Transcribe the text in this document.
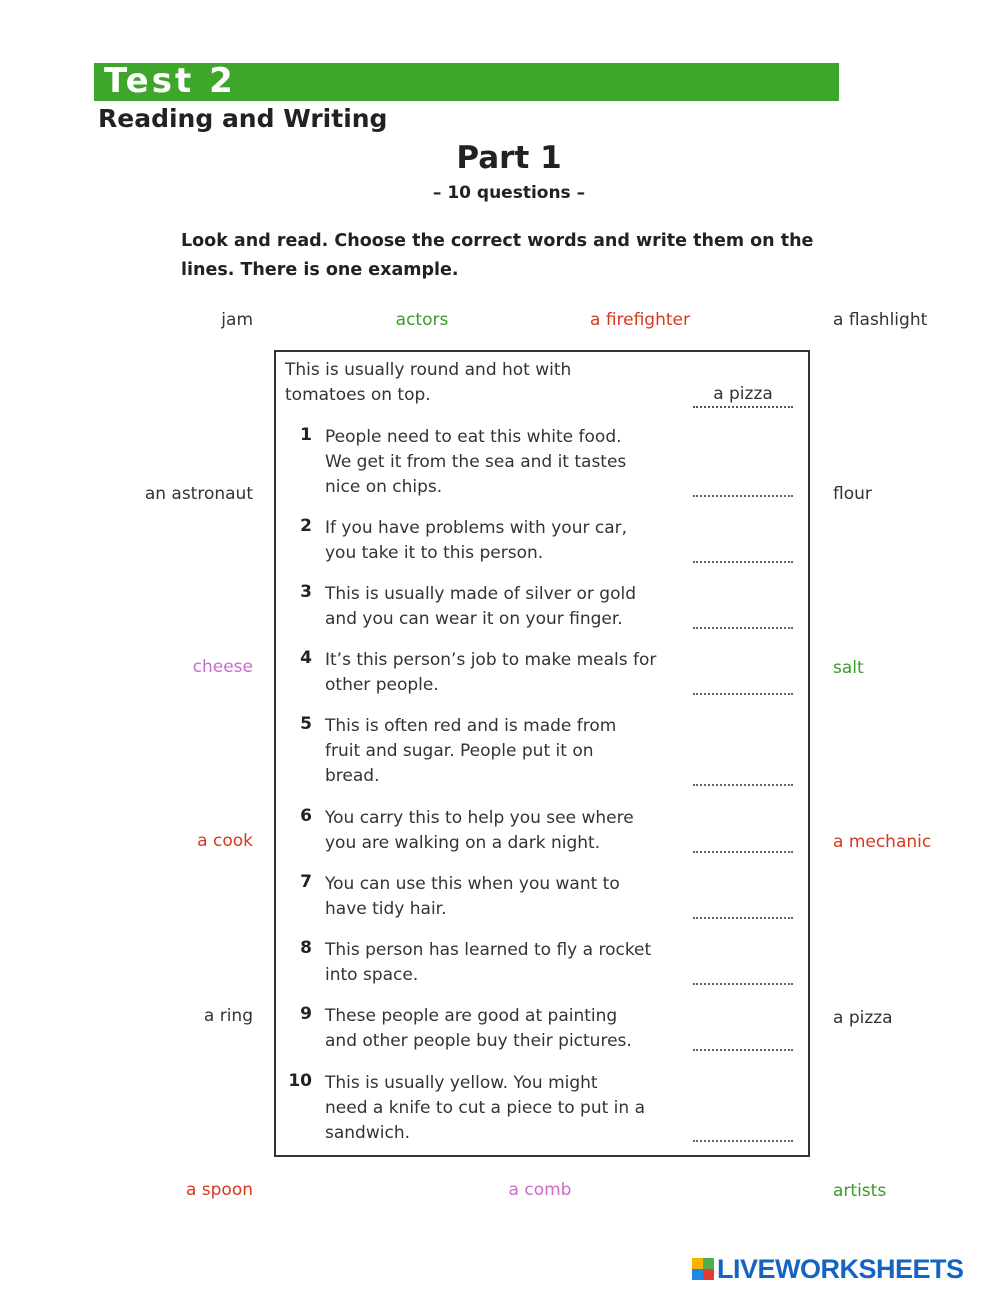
Test 2
Reading and Writing
Part 1
– 10 questions –
Look and read. Choose the correct words and write them on the
lines. There is one example.
jam	actors	a firefighter	a flashlight
an astronaut	flour
cheese	salt
a cook	a mechanic
a ring	a pizza
a spoon	a comb	artists
This is usually round and hot with
tomatoes on top.	a pizza
1 People need to eat this white food.
We get it from the sea and it tastes
nice on chips.
2 If you have problems with your car,
you take it to this person.
3 This is usually made of silver or gold
and you can wear it on your finger.
4 It’s this person’s job to make meals for
other people.
5 This is often red and is made from
fruit and sugar. People put it on
bread.
6 You carry this to help you see where
you are walking on a dark night.
7 You can use this when you want to
have tidy hair.
8 This person has learned to fly a rocket
into space.
9 These people are good at painting
and other people buy their pictures.
10 This is usually yellow. You might
need a knife to cut a piece to put in a
sandwich.
LIVEWORKSHEETS
